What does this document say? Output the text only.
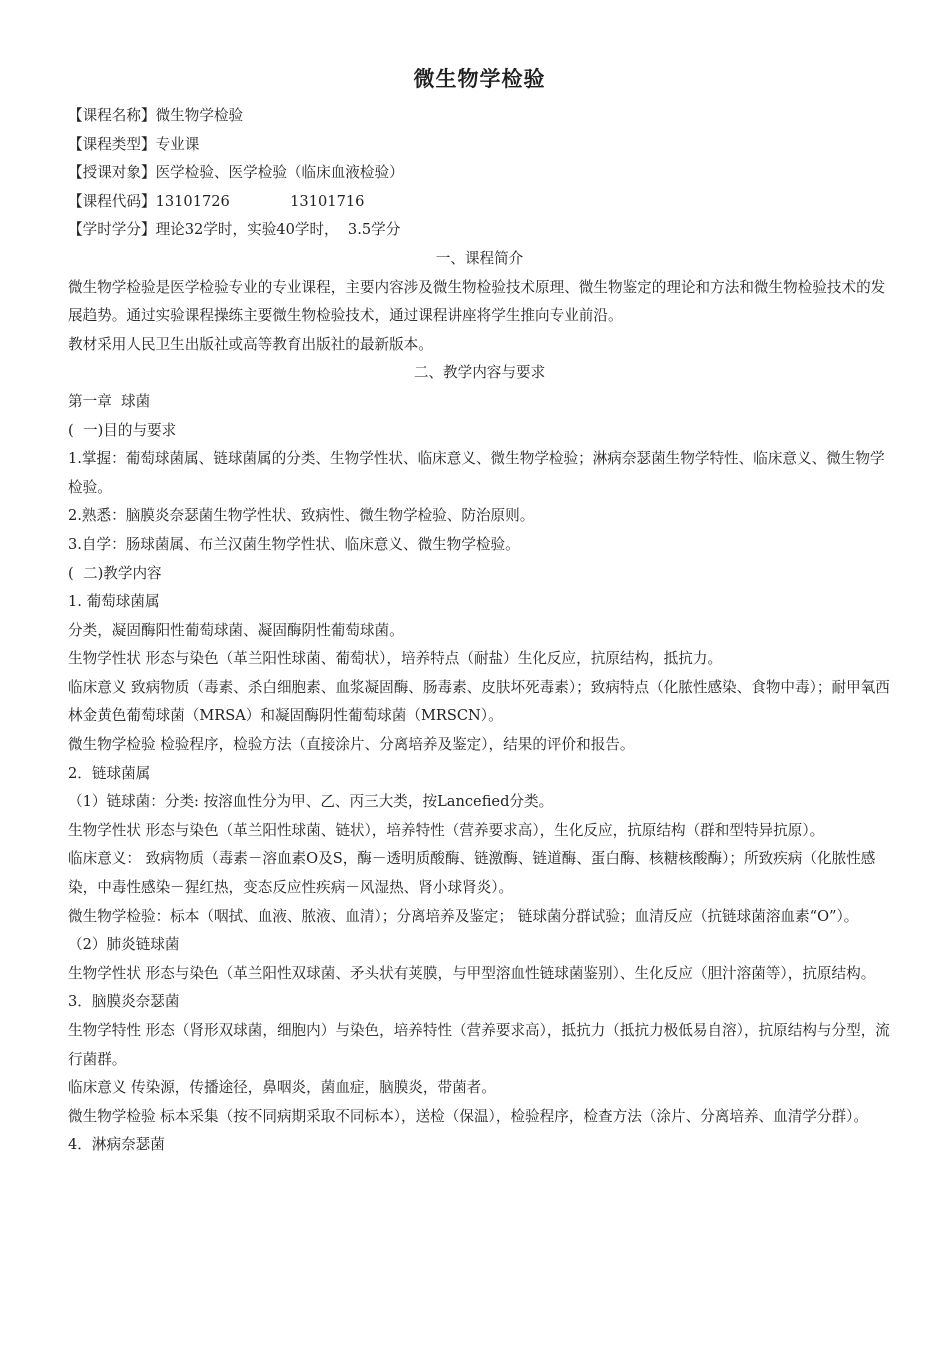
微生物学检验

【课程名称】微生物学检验

【课程类型】专业课

【授课对象】医学检验、医学检验（临床血液检验）

【课程代码】13101726             13101716

【学时学分】理论32学时，实验40学时，  3.5学分

一、课程简介

微生物学检验是医学检验专业的专业课程，主要内容涉及微生物检验技术原理、微生物鉴定的理论和方法和微生物检验技术的发展趋势。通过实验课程操练主要微生物检验技术，通过课程讲座将学生推向专业前沿。

教材采用人民卫生出版社或高等教育出版社的最新版本。

二、教学内容与要求

第一章  球菌

(  一)目的与要求

1.掌握：葡萄球菌属、链球菌属的分类、生物学性状、临床意义、微生物学检验；淋病奈瑟菌生物学特性、临床意义、微生物学检验。

2.熟悉：脑膜炎奈瑟菌生物学性状、致病性、微生物学检验、防治原则。

3.自学：肠球菌属、布兰汉菌生物学性状、临床意义、微生物学检验。

(  二)教学内容

1. 葡萄球菌属

分类，凝固酶阳性葡萄球菌、凝固酶阴性葡萄球菌。

生物学性状 形态与染色（革兰阳性球菌、葡萄状），培养特点（耐盐）生化反应，抗原结构，抵抗力。

临床意义 致病物质（毒素、杀白细胞素、血浆凝固酶、肠毒素、皮肤坏死毒素）；致病特点（化脓性感染、食物中毒）；耐甲氧西林金黄色葡萄球菌（MRSA）和凝固酶阴性葡萄球菌（MRSCN）。

微生物学检验 检验程序，检验方法（直接涂片、分离培养及鉴定），结果的评价和报告。

2．链球菌属

（1）链球菌：分类: 按溶血性分为甲、乙、丙三大类，按Lancefied分类。

生物学性状 形态与染色（革兰阳性球菌、链状），培养特性（营养要求高），生化反应，抗原结构（群和型特异抗原）。

临床意义： 致病物质（毒素－溶血素O及S，酶－透明质酸酶、链激酶、链道酶、蛋白酶、核糖核酸酶）；所致疾病（化脓性感染，中毒性感染－猩红热，变态反应性疾病－风湿热、肾小球肾炎）。

微生物学检验：标本（咽拭、血液、脓液、血清）；分离培养及鉴定； 链球菌分群试验；血清反应（抗链球菌溶血素“O”）。

（2）肺炎链球菌

生物学性状 形态与染色（革兰阳性双球菌、矛头状有荚膜，与甲型溶血性链球菌鉴别）、生化反应（胆汁溶菌等），抗原结构。

3．脑膜炎奈瑟菌

生物学特性 形态（肾形双球菌，细胞内）与染色，培养特性（营养要求高），抵抗力（抵抗力极低易自溶），抗原结构与分型，流行菌群。

临床意义 传染源，传播途径，鼻咽炎，菌血症，脑膜炎，带菌者。

微生物学检验 标本采集（按不同病期采取不同标本），送检（保温），检验程序，检查方法（涂片、分离培养、血清学分群）。

4．淋病奈瑟菌
